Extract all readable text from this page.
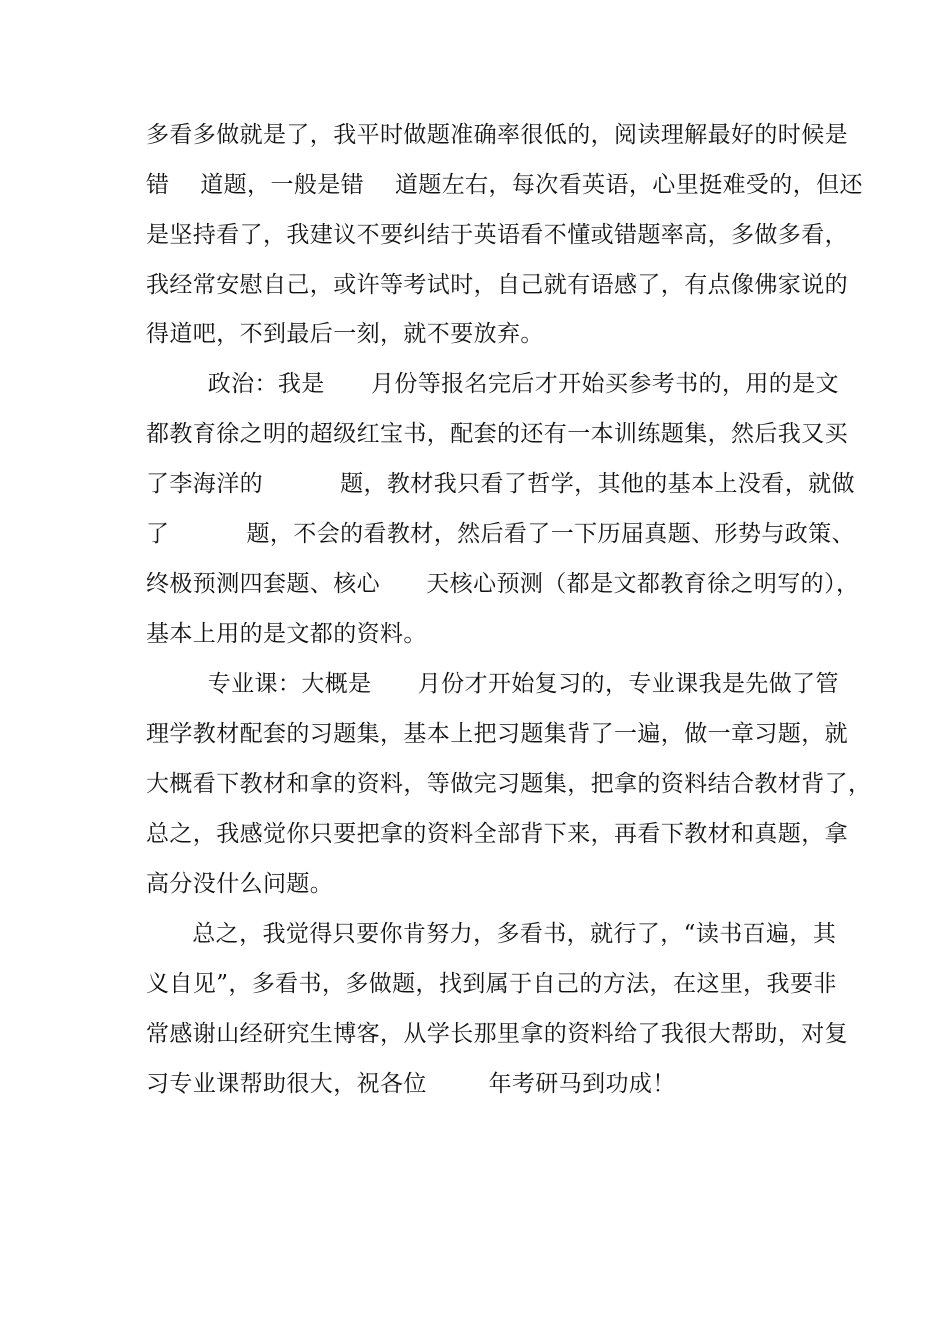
多看多做就是了，我平时做题准确率很低的，阅读理解最好的时候是
错    道题，一般是错    道题左右，每次看英语，心里挺难受的，但还
是坚持看了，我建议不要纠结于英语看不懂或错题率高，多做多看，
我经常安慰自己，或许等考试时，自己就有语感了，有点像佛家说的
得道吧，不到最后一刻，就不要放弃。
政治：我是      月份等报名完后才开始买参考书的，用的是文
都教育徐之明的超级红宝书，配套的还有一本训练题集，然后我又买
了李海洋的          题，教材我只看了哲学，其他的基本上没看，就做
了          题，不会的看教材，然后看了一下历届真题、形势与政策、
终极预测四套题、核心      天核心预测（都是文都教育徐之明写的），
基本上用的是文都的资料。
专业课：大概是      月份才开始复习的，专业课我是先做了管
理学教材配套的习题集，基本上把习题集背了一遍，做一章习题，就
大概看下教材和拿的资料，等做完习题集，把拿的资料结合教材背了，
总之，我感觉你只要把拿的资料全部背下来，再看下教材和真题，拿
高分没什么问题。
总之，我觉得只要你肯努力，多看书，就行了，“读书百遍，其
义自见”，多看书，多做题，找到属于自己的方法，在这里，我要非
常感谢山经研究生博客，从学长那里拿的资料给了我很大帮助，对复
习专业课帮助很大，祝各位        年考研马到功成！
